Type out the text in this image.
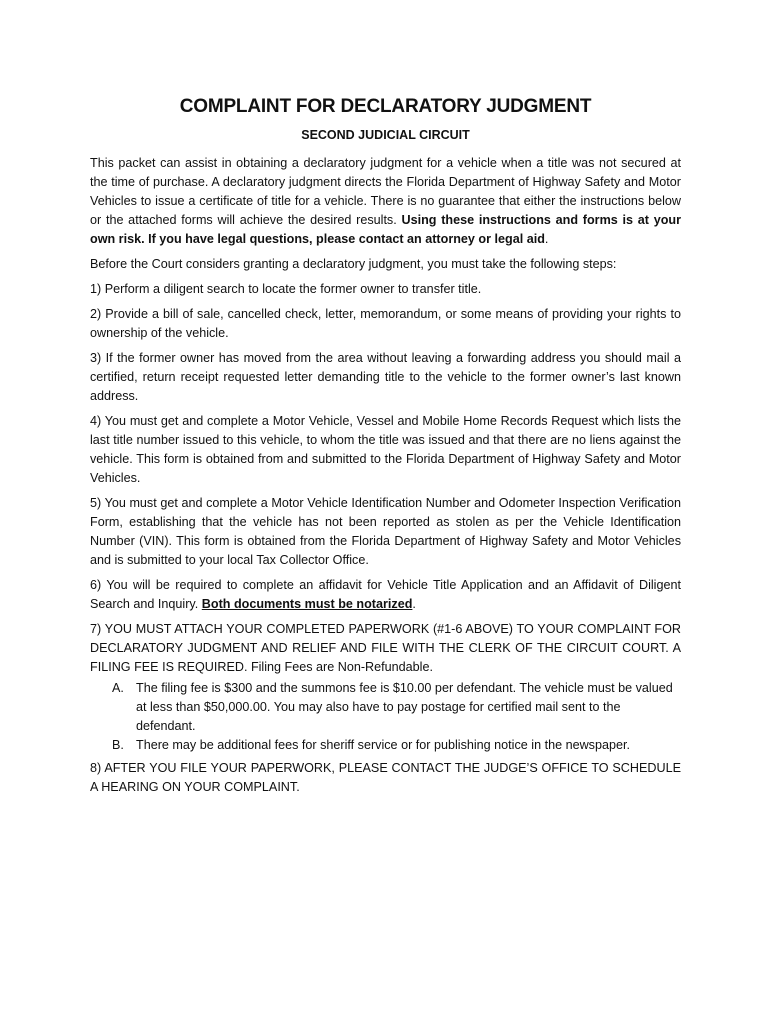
COMPLAINT FOR DECLARATORY JUDGMENT
SECOND JUDICIAL CIRCUIT

This packet can assist in obtaining a declaratory judgment for a vehicle when a title was not secured at the time of purchase. A declaratory judgment directs the Florida Department of Highway Safety and Motor Vehicles to issue a certificate of title for a vehicle. There is no guarantee that either the instructions below or the attached forms will achieve the desired results. Using these instructions and forms is at your own risk. If you have legal questions, please contact an attorney or legal aid.

Before the Court considers granting a declaratory judgment, you must take the following steps:

1) Perform a diligent search to locate the former owner to transfer title.

2) Provide a bill of sale, cancelled check, letter, memorandum, or some means of providing your rights to ownership of the vehicle.

3) If the former owner has moved from the area without leaving a forwarding address you should mail a certified, return receipt requested letter demanding title to the vehicle to the former owner’s last known address.

4) You must get and complete a Motor Vehicle, Vessel and Mobile Home Records Request which lists the last title number issued to this vehicle, to whom the title was issued and that there are no liens against the vehicle. This form is obtained from and submitted to the Florida Department of Highway Safety and Motor Vehicles.

5) You must get and complete a Motor Vehicle Identification Number and Odometer Inspection Verification Form, establishing that the vehicle has not been reported as stolen as per the Vehicle Identification Number (VIN). This form is obtained from the Florida Department of Highway Safety and Motor Vehicles and is submitted to your local Tax Collector Office.

6) You will be required to complete an affidavit for Vehicle Title Application and an Affidavit of Diligent Search and Inquiry. Both documents must be notarized.

7) YOU MUST ATTACH YOUR COMPLETED PAPERWORK (#1-6 ABOVE) TO YOUR COMPLAINT FOR DECLARATORY JUDGMENT AND RELIEF AND FILE WITH THE CLERK OF THE CIRCUIT COURT. A FILING FEE IS REQUIRED. Filing Fees are Non-Refundable.

A. The filing fee is $300 and the summons fee is $10.00 per defendant. The vehicle must be valued at less than $50,000.00. You may also have to pay postage for certified mail sent to the defendant.
B. There may be additional fees for sheriff service or for publishing notice in the newspaper.

8) AFTER YOU FILE YOUR PAPERWORK, PLEASE CONTACT THE JUDGE’S OFFICE TO SCHEDULE A HEARING ON YOUR COMPLAINT.
